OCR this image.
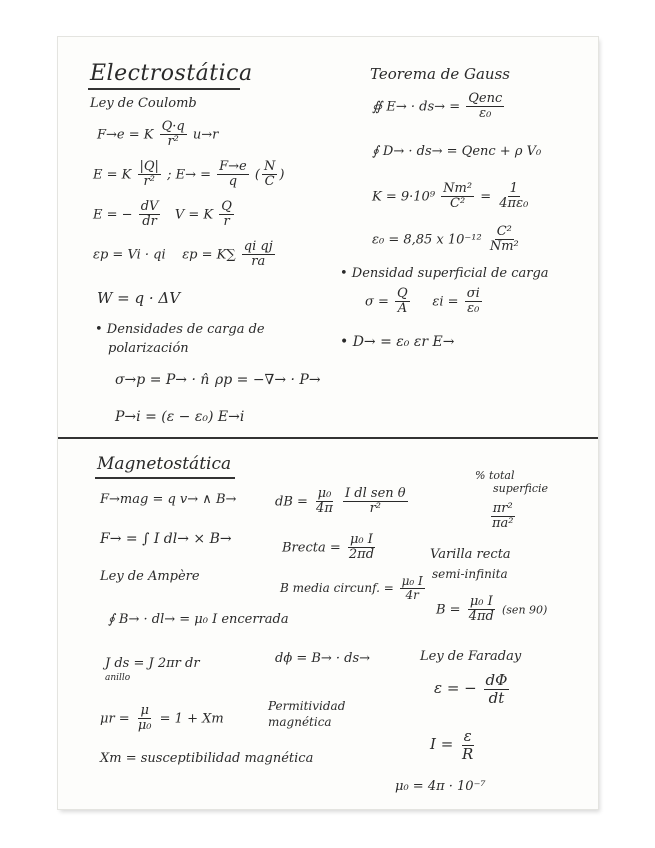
Electrostática
Ley de Coulomb
F→e = K $\frac{Q\cdot q}{\text{r²}} u\to r$
E = K $\frac{|Q|}{\text{r²}}$ ; $E\to = \frac{F\to e}{q}$ ( $\frac{N}{C}$ )
E = − $\frac{dV}{dr}$ V = K $\frac{Q}{r}$
εp = Vi · qi $\varepsilon p = K\sum \frac{\text{qi qj}}{ra}$
W = q · ΔV
• Densidades de carga de
polarización
σ→p = P→ · n̂ ρp = −∇→ · P→
P→i = (ε − ε₀) E→i
Teorema de Gauss
∯ $E\to \cdot ds\to = \frac{\text{Qenc}}{\text{ε₀}}$
∮ D→ · ds→ = Qenc + ρ V₀
$K = 9\cdot 10^9 \frac{\text{Nm²}}{\text{C²}} = \frac{1}{\text{4πε₀}}$
ε₀ = 8,85 x $10^{-12} \frac{\text{C²}}{\text{Nm²}}$
• Densidad superficial de carga
$\sigma = \frac{Q}{A}$ $\varepsilon i = \frac{\sigma i}{\text{ε₀}}$
• D→ = ε₀ εr E→
Magnetostática
F→mag = q v→ ∧ B→	dB = $\frac{\text{μ₀}}{4\pi}$
$\frac{\text{I dl sen θ}}{\text{r²}}$
% total
superficie
$\frac{\text{πr²}}{\text{πa²}}$
F→ = ∫ I dl→ × B→
Brecta = $\frac{\text{μ₀ I}}{2\pi d}$	Varilla recta
semi-infinita
Ley de Ampère
B media circunf. = $\frac{\text{μ₀ I}}{4r}$
$B = \frac{\text{μ₀ I}}{4\pi d} (sen$ 90)
∮ B→ · dl→ = μ₀ I encerrada
J ds = J 2πr dr
anillo
dϕ = B→ · ds→	Ley de Faraday
ε = − $\frac{d\Phi}{dt}$
$\mu r = \frac{\mu}{\text{μ₀}} = 1 + Xm$
Permitividad
magnética
$I = \frac{\varepsilon}{R}$
Xm = susceptibilidad magnética
μ₀ = 4π · 10⁻⁷
